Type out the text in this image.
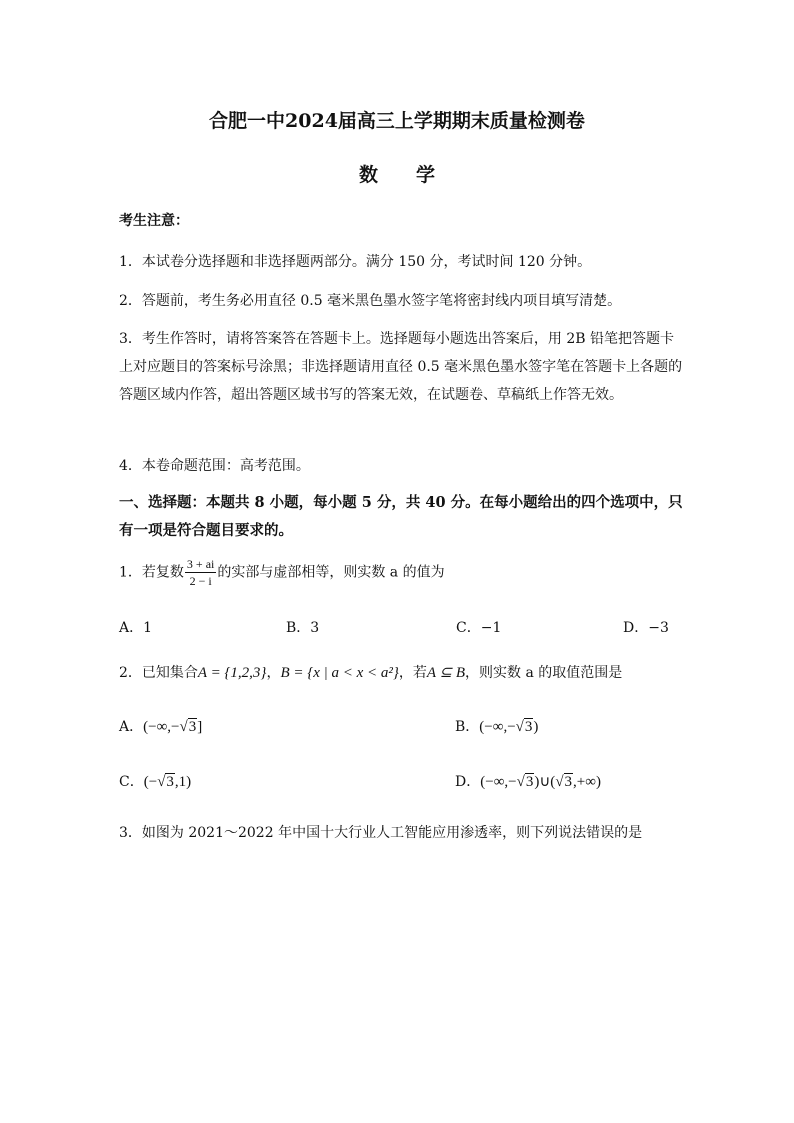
合肥一中2024届高三上学期期末质量检测卷
数学
考生注意：
1．本试卷分选择题和非选择题两部分。满分 150 分，考试时间 120 分钟。
2．答题前，考生务必用直径 0.5 毫米黑色墨水签字笔将密封线内项目填写清楚。
3．考生作答时，请将答案答在答题卡上。选择题每小题选出答案后，用 2B 铅笔把答题卡上对应题目的答案标号涂黑；非选择题请用直径 0.5 毫米黑色墨水签字笔在答题卡上各题的答题区域内作答，超出答题区域书写的答案无效，在试题卷、草稿纸上作答无效。
4．本卷命题范围：高考范围。
一、选择题：本题共 8 小题，每小题 5 分，共 40 分。在每小题给出的四个选项中，只有一项是符合题目要求的。
1．若复数 $\frac{3 + ai}{2 - i}$ 的实部与虚部相等，则实数 a 的值为
A．1	B．3	C．−1	D．−3
2．已知集合A = {1,2,3}，B = {x | a < x < a²}，若A ⊆ B，则实数 a 的取值范围是
A．(−∞,−√3]	B．(−∞,−√3)
C．(−√3,1)	D．(−∞,−√3)∪(√3,+∞)
3．如图为 2021～2022 年中国十大行业人工智能应用渗透率，则下列说法错误的是
